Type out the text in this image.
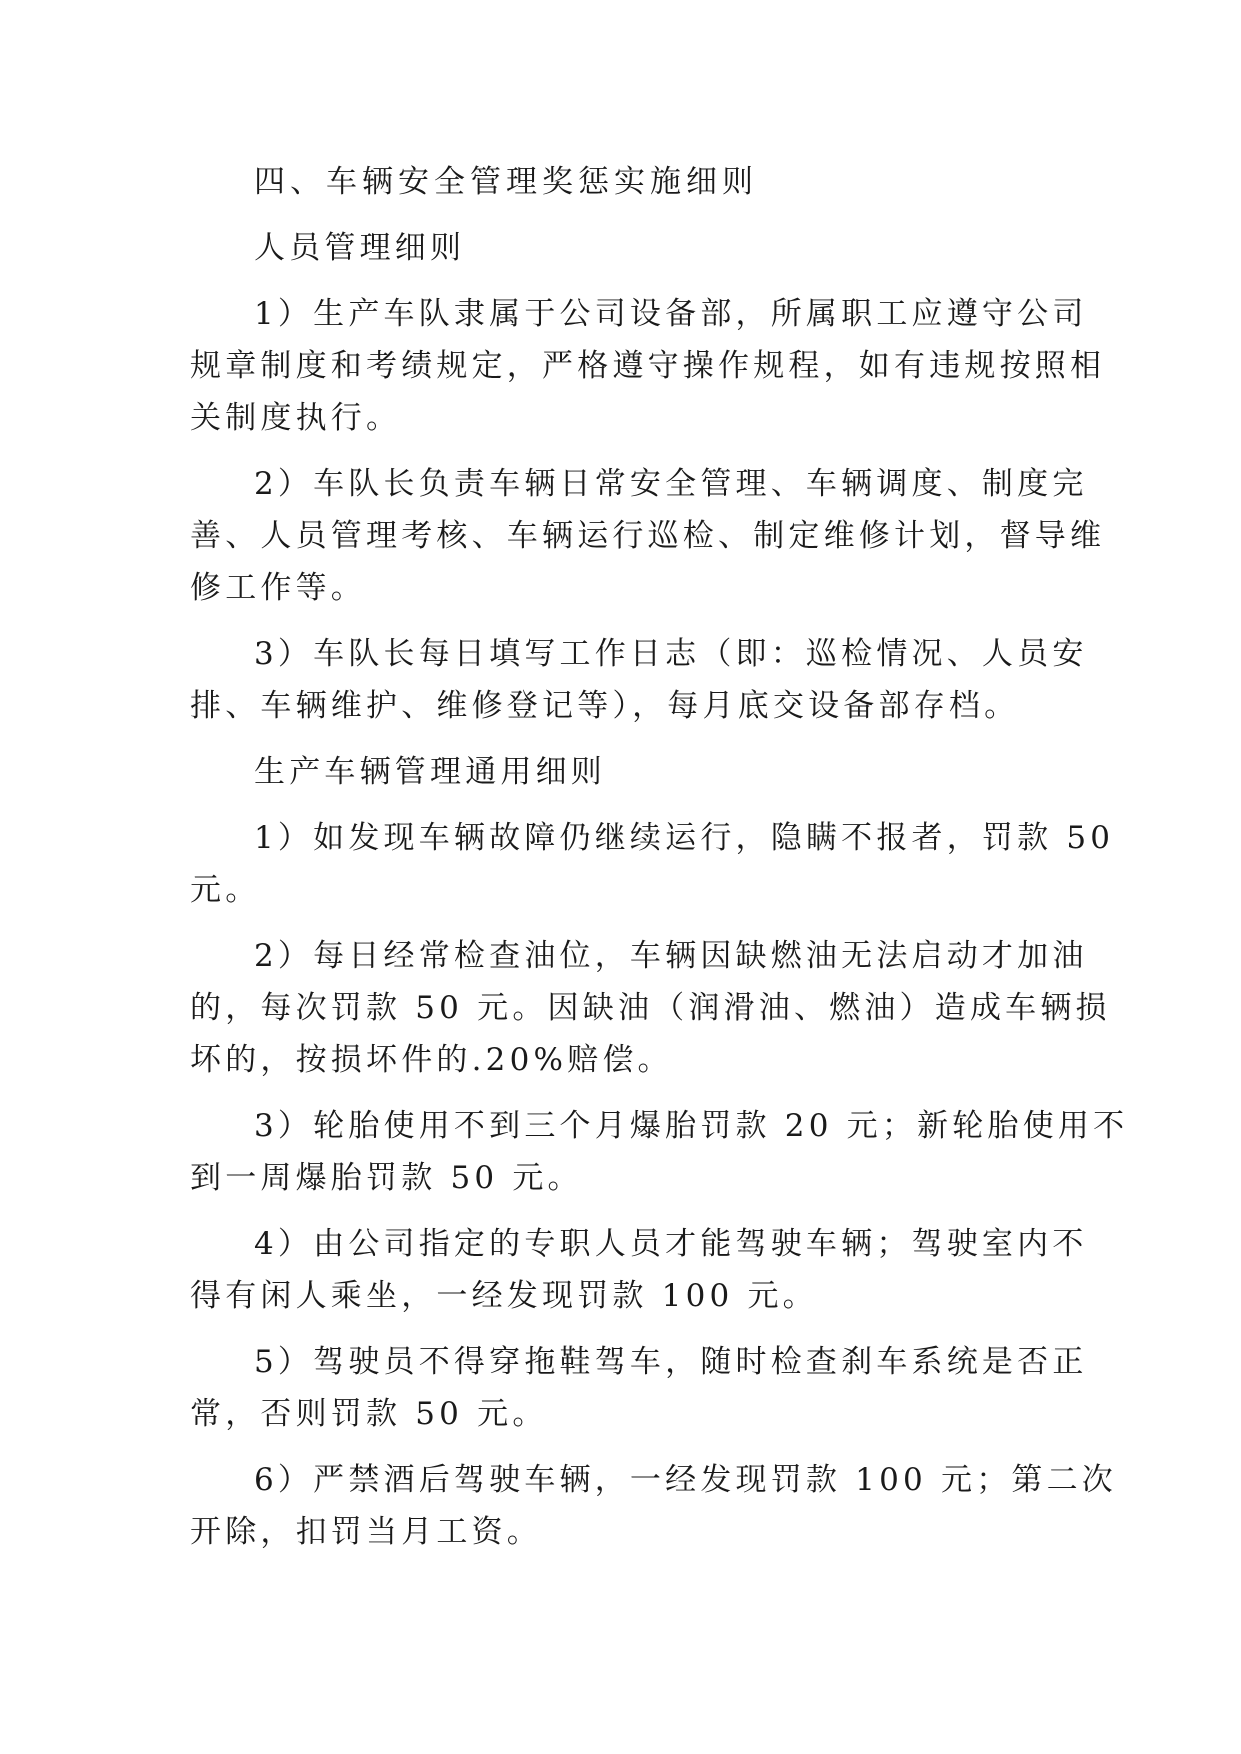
四、车辆安全管理奖惩实施细则
人员管理细则
1）生产车队隶属于公司设备部，所属职工应遵守公司
规章制度和考绩规定，严格遵守操作规程，如有违规按照相
关制度执行。
2）车队长负责车辆日常安全管理、车辆调度、制度完
善、人员管理考核、车辆运行巡检、制定维修计划，督导维
修工作等。
3）车队长每日填写工作日志（即：巡检情况、人员安
排、车辆维护、维修登记等），每月底交设备部存档。
生产车辆管理通用细则
1）如发现车辆故障仍继续运行，隐瞒不报者，罚款 50
元。
2）每日经常检查油位，车辆因缺燃油无法启动才加油
的，每次罚款 50 元。因缺油（润滑油、燃油）造成车辆损
坏的，按损坏件的.20%赔偿。
3）轮胎使用不到三个月爆胎罚款 20 元；新轮胎使用不
到一周爆胎罚款 50 元。
4）由公司指定的专职人员才能驾驶车辆；驾驶室内不
得有闲人乘坐，一经发现罚款 100 元。
5）驾驶员不得穿拖鞋驾车，随时检查刹车系统是否正
常，否则罚款 50 元。
6）严禁酒后驾驶车辆，一经发现罚款 100 元；第二次
开除，扣罚当月工资。
